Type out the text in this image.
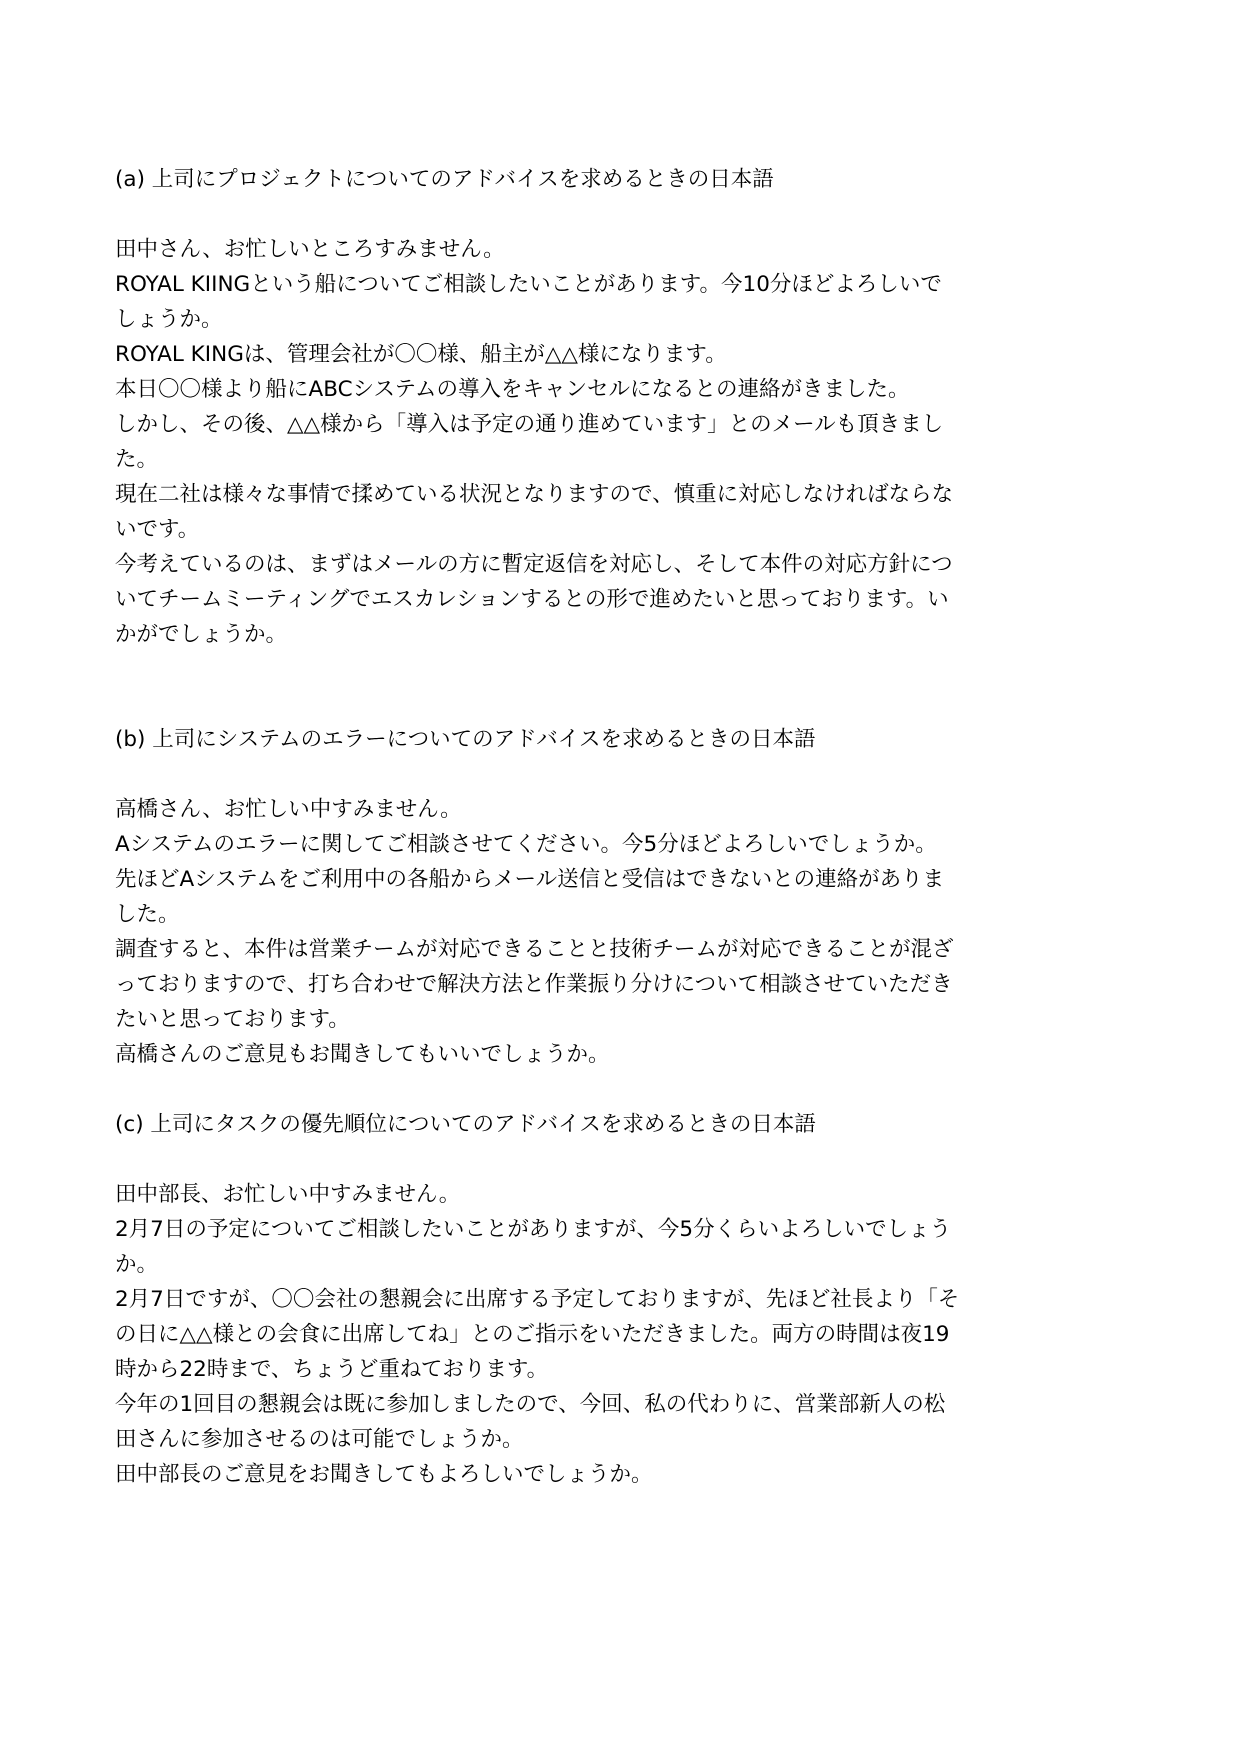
(a) 上司にプロジェクトについてのアドバイスを求めるときの日本語

田中さん、お忙しいところすみません。

ROYAL KIINGという船についてご相談したいことがあります。今10分ほどよろしいで
しょうか。

ROYAL KINGは、管理会社が〇〇様、船主が△△様になります。

本日〇〇様より船にABCシステムの導入をキャンセルになるとの連絡がきました。

しかし、その後、△△様から「導入は予定の通り進めています」とのメールも頂きまし
た。

現在二社は様々な事情で揉めている状況となりますので、慎重に対応しなければならな
いです。

今考えているのは、まずはメールの方に暫定返信を対応し、そして本件の対応方針につ
いてチームミーティングでエスカレションするとの形で進めたいと思っております。い
かがでしょうか。

(b) 上司にシステムのエラーについてのアドバイスを求めるときの日本語

高橋さん、お忙しい中すみません。

Aシステムのエラーに関してご相談させてください。今5分ほどよろしいでしょうか。

先ほどAシステムをご利用中の各船からメール送信と受信はできないとの連絡がありま
した。

調査すると、本件は営業チームが対応できることと技術チームが対応できることが混ざ
っておりますので、打ち合わせで解決方法と作業振り分けについて相談させていただき
たいと思っております。

高橋さんのご意見もお聞きしてもいいでしょうか。

(c) 上司にタスクの優先順位についてのアドバイスを求めるときの日本語

田中部長、お忙しい中すみません。

2月7日の予定についてご相談したいことがありますが、今5分くらいよろしいでしょう
か。

2月7日ですが、〇〇会社の懇親会に出席する予定しておりますが、先ほど社長より「そ
の日に△△様との会食に出席してね」とのご指示をいただきました。両方の時間は夜19
時から22時まで、ちょうど重ねております。

今年の1回目の懇親会は既に参加しましたので、今回、私の代わりに、営業部新人の松
田さんに参加させるのは可能でしょうか。

田中部長のご意見をお聞きしてもよろしいでしょうか。
